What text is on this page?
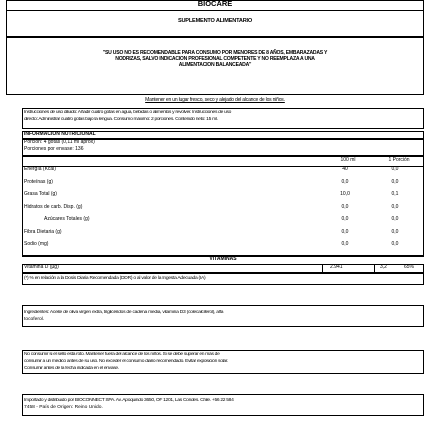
BIOCARE
SUPLEMENTO ALIMENTARIO
"SU USO NO ES RECOMENDABLE PARA CONSUMO POR MENORES DE 8 AÑOS, EMBARAZADAS Y
NODRIZAS, SALVO INDICACION PROFESIONAL COMPETENTE Y NO REEMPLAZA A UNA
ALIMENTACION BALANCEADA"
Mantener en un lugar fresco, seco y alejado del alcance de los niños.
Instrucciones de uso diluido: Añadir cuatro gotas en agua, bebidas o alimentos y revolver. Instrucciones de uso
directo: Administrar cuatro gotas bajo la lengua. Consumo máximo: 2 porciones. Contenido neto: 15 ml.
INFORMACION NUTRICIONAL
Porción: 4 gotas (0,11 ml aprox)
Porciones por envase: 136
100 ml	1 Porción
Energía (Kcal)	40	0,0
Proteínas (g)	0,0	0,0
Grasa Total (g)	10,0	0,1
Hidratos de carb. Disp. (g)	0,0	0,0
Azúcares Totales (g)	0,0	0,0
Fibra Dietaria (g)	0,0	0,0
Sodio (mg)	0,0	0,0
VITAMINAS
Vitamina D (µg)	2.941	3,2	65%
(*) % en relación a la Dosis Diaria Recomendada (DDR) o al valor de la Ingesta Adecuada (IA)
Ingredientes: Aceite de oliva virgen extra, triglicéridos de cadena media, vitamina D3 (colecalciferol), alfa
tocoferol.
No consumir si el sello está roto. Mantener fuera del alcance de los niños. Si se debe superar en más de
consumir a un médico antes de su uso. No exceder el consumo diario recomendado. Evitar exposición solar.
Consumir antes de la fecha indicada en el envase.
Importado y distribuido por BIOCONNECT SPA. Av. Apoquindo 3650, OF 1201, Las Condes. Chile. +56 22 584
7458 - País de Origen: Reino Unido.
